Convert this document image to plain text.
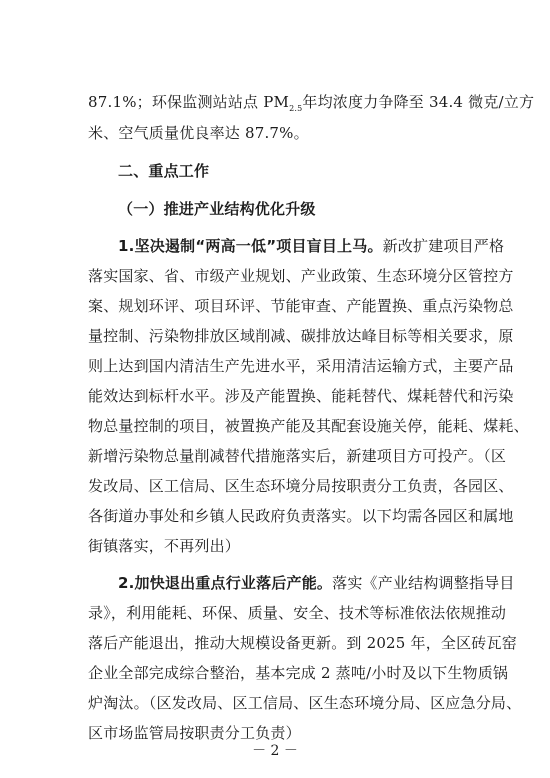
87.1%；环保监测站站点 $PM_{2.5}$年均浓度力争降至 34.4 微克/立方
米、空气质量优良率达 87.7%。
二、重点工作
（一）推进产业结构优化升级
1.坚决遏制“两高一低”项目盲目上马。新改扩建项目严格
落实国家、省、市级产业规划、产业政策、生态环境分区管控方
案、规划环评、项目环评、节能审查、产能置换、重点污染物总
量控制、污染物排放区域削减、碳排放达峰目标等相关要求，原
则上达到国内清洁生产先进水平，采用清洁运输方式，主要产品
能效达到标杆水平。涉及产能置换、能耗替代、煤耗替代和污染
物总量控制的项目，被置换产能及其配套设施关停，能耗、煤耗、
新增污染物总量削减替代措施落实后，新建项目方可投产。（区
发改局、区工信局、区生态环境分局按职责分工负责，各园区、
各街道办事处和乡镇人民政府负责落实。以下均需各园区和属地
街镇落实，不再列出）
2.加快退出重点行业落后产能。落实《产业结构调整指导目
录》，利用能耗、环保、质量、安全、技术等标准依法依规推动
落后产能退出，推动大规模设备更新。到 2025 年，全区砖瓦窑
企业全部完成综合整治，基本完成 2 蒸吨/小时及以下生物质锅
炉淘汰。（区发改局、区工信局、区生态环境分局、区应急分局、
区市场监管局按职责分工负责）
－ 2 －
